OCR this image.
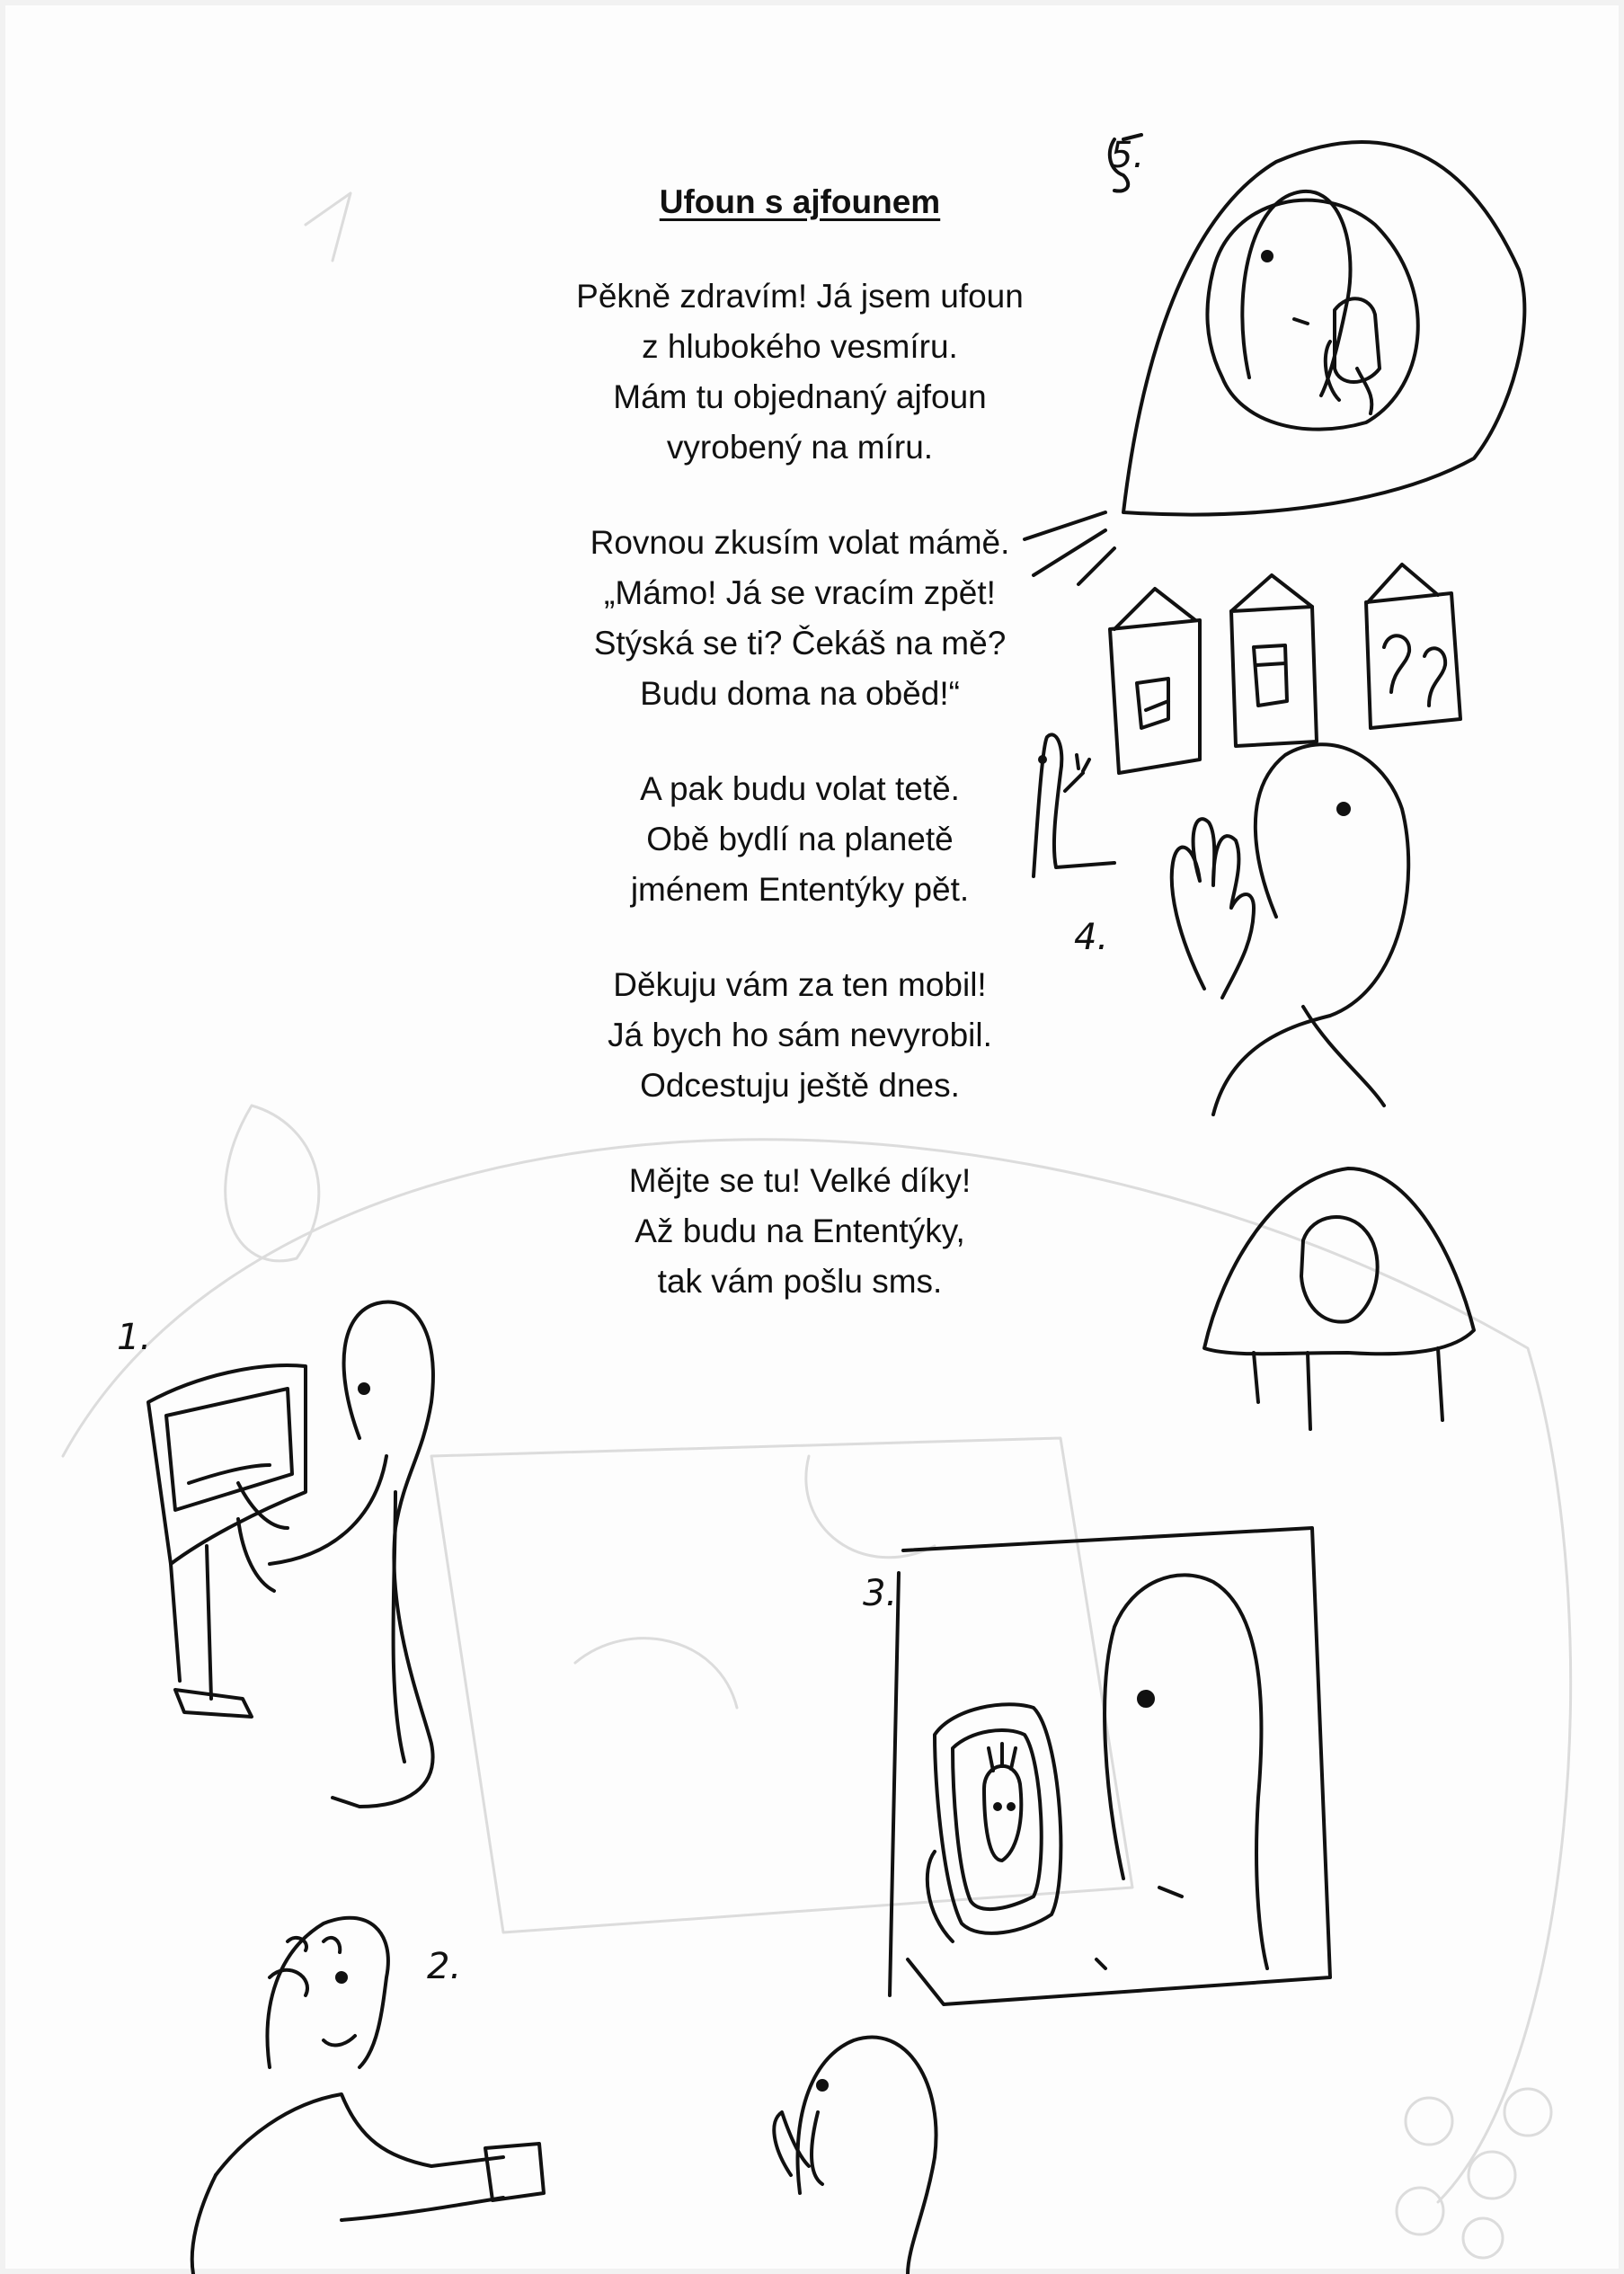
1.
2.
3.
4.
5.
Ufoun s ajfounem
Pěkně zdravím! Já jsem ufoun
z hlubokého vesmíru.
Mám tu objednaný ajfoun
vyrobený na míru.
Rovnou zkusím volat mámě.
„Mámo! Já se vracím zpět!
Stýská se ti? Čekáš na mě?
Budu doma na oběd!“
A pak budu volat tetě.
Obě bydlí na planetě
jménem Ententýky pět.
Děkuju vám za ten mobil!
Já bych ho sám nevyrobil.
Odcestuju ještě dnes.
Mějte se tu! Velké díky!
Až budu na Ententýky,
tak vám pošlu sms.
